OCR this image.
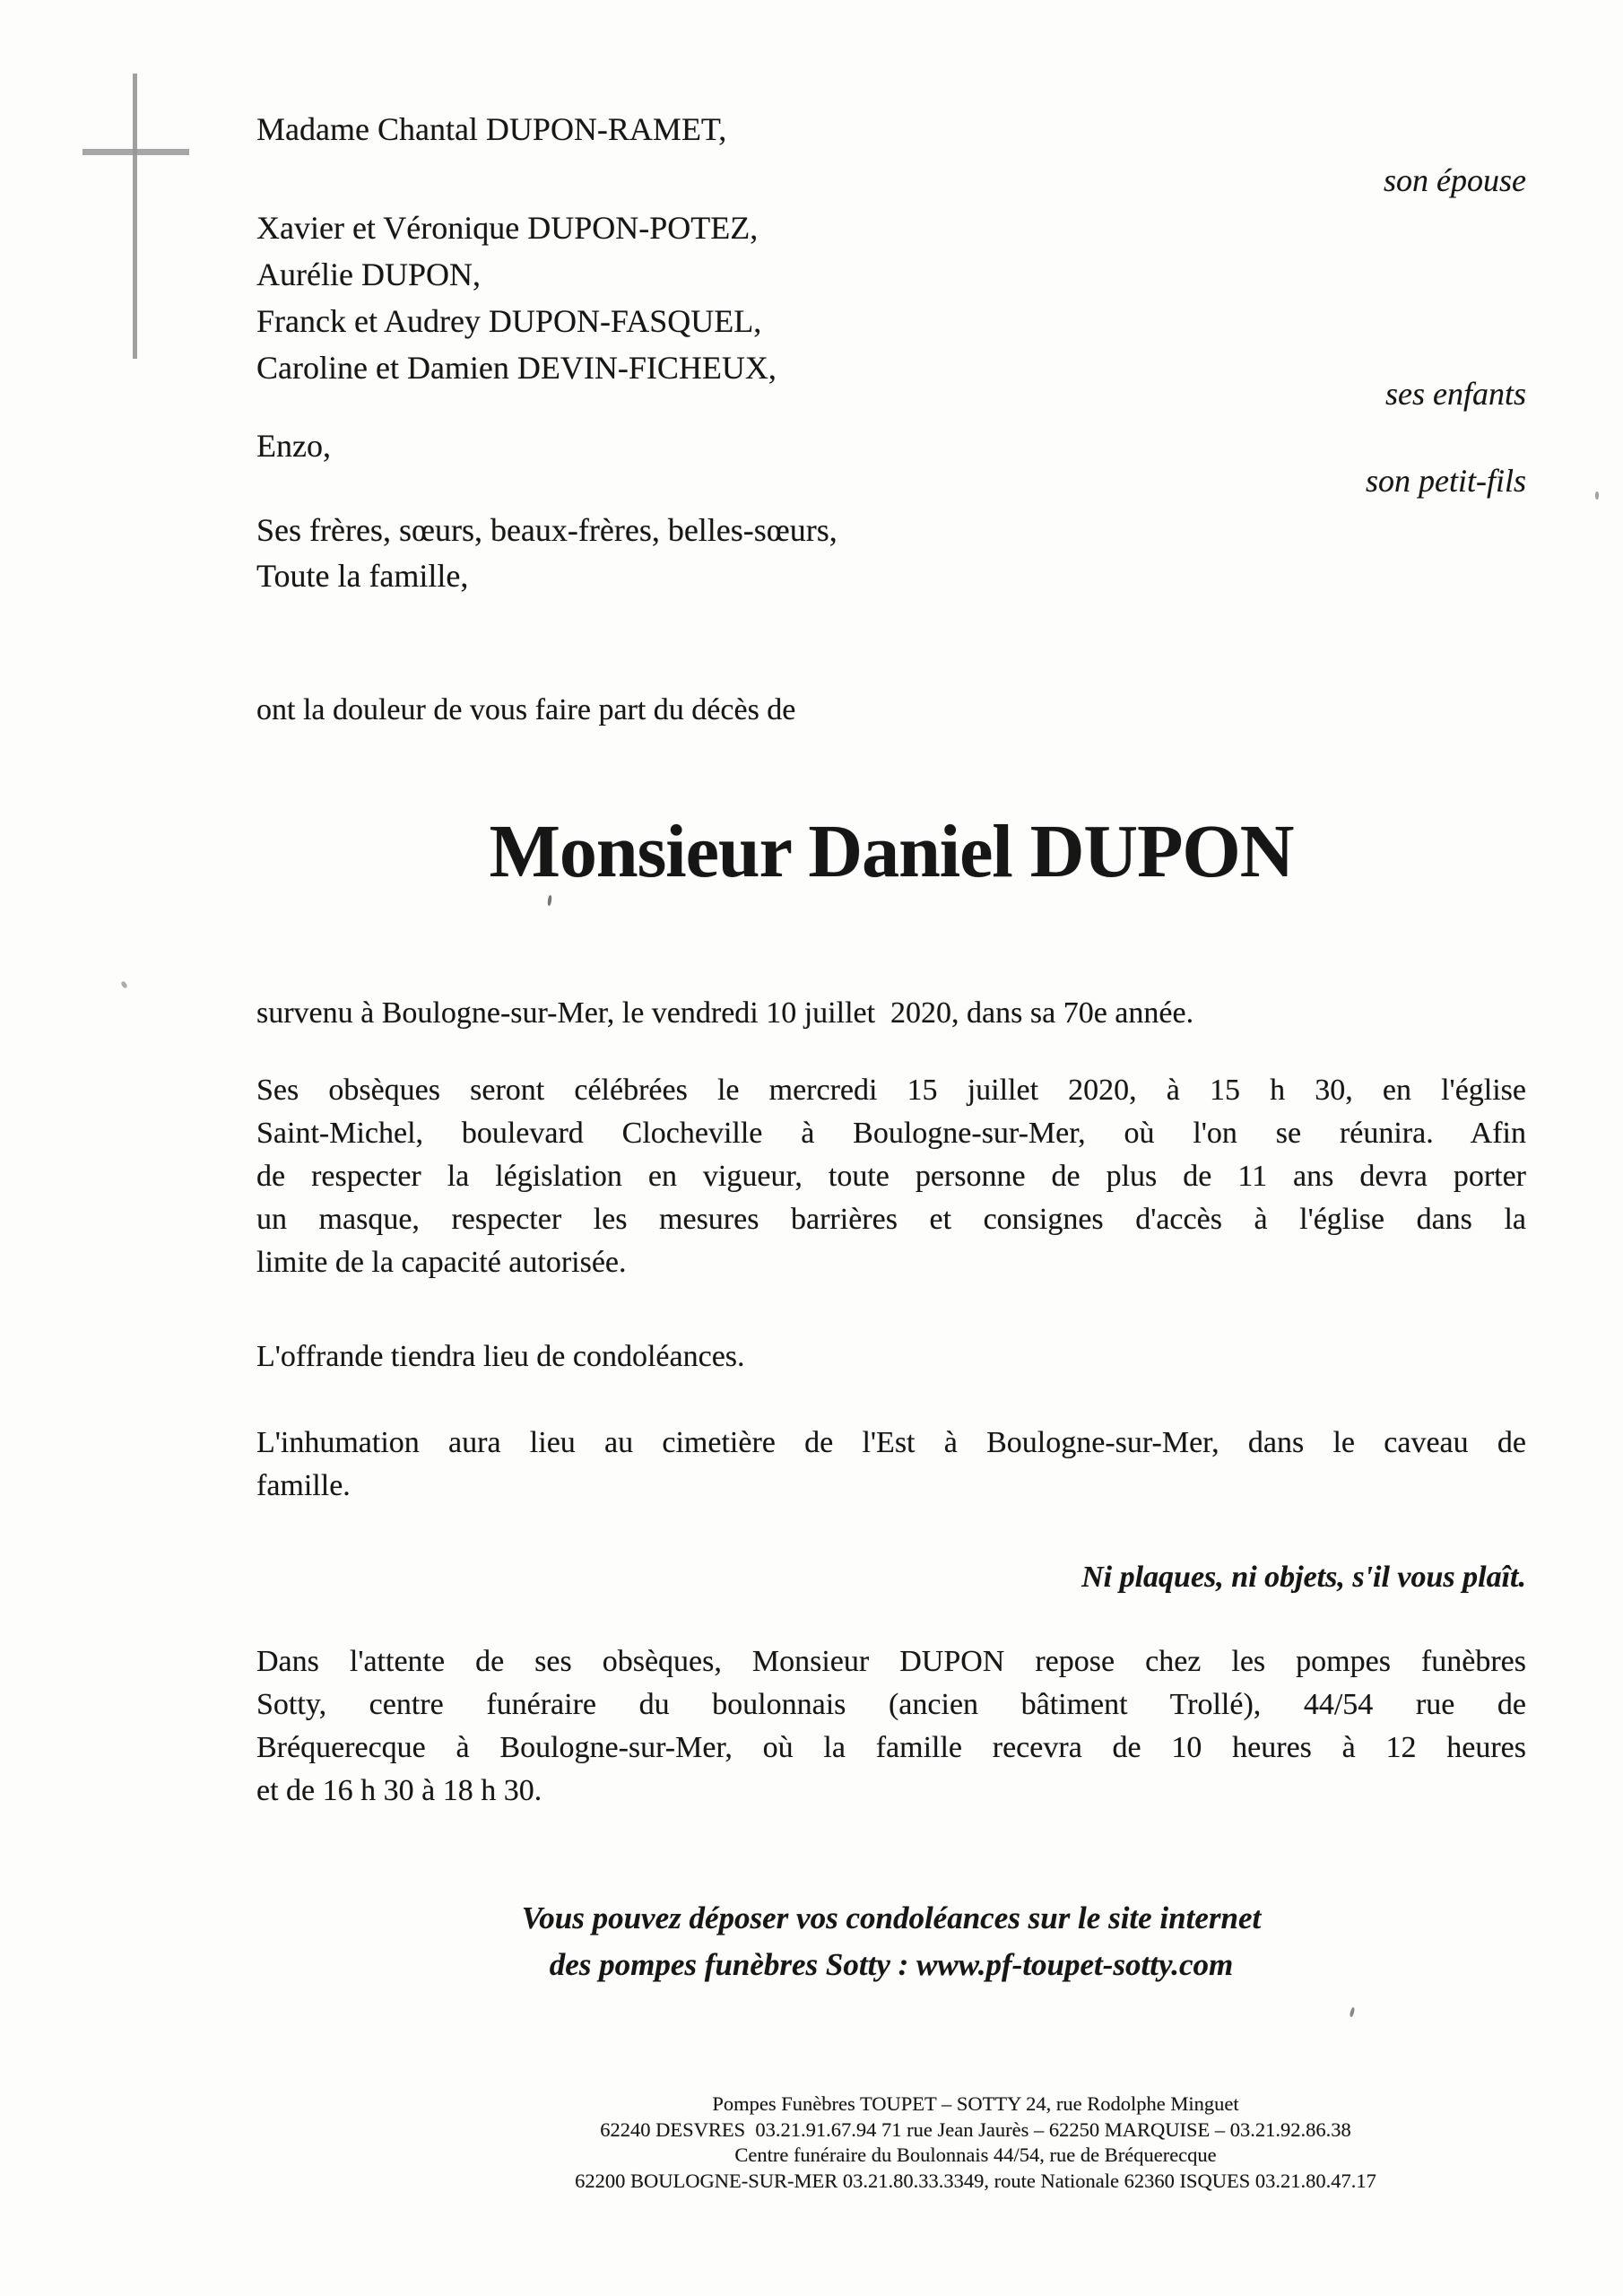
Madame Chantal DUPON-RAMET,
son épouse
Xavier et Véronique DUPON-POTEZ,
Aurélie DUPON,
Franck et Audrey DUPON-FASQUEL,
Caroline et Damien DEVIN-FICHEUX,
ses enfants
Enzo,
son petit-fils
Ses frères, sœurs, beaux-frères, belles-sœurs,
Toute la famille,
ont la douleur de vous faire part du décès de
Monsieur Daniel DUPON
survenu à Boulogne-sur-Mer, le vendredi 10 juillet  2020, dans sa 70e année.
Ses obsèques seront célébrées le mercredi 15 juillet 2020, à 15 h 30, en l'église
Saint-Michel, boulevard Clocheville à Boulogne-sur-Mer, où l'on se réunira. Afin
de respecter la législation en vigueur, toute personne de plus de 11 ans devra porter
un masque, respecter les mesures barrières et consignes d'accès à l'église dans la
limite de la capacité autorisée.
L'offrande tiendra lieu de condoléances.
L'inhumation aura lieu au cimetière de l'Est à Boulogne-sur-Mer, dans le caveau de
famille.
Ni plaques, ni objets, s'il vous plaît.
Dans l'attente de ses obsèques, Monsieur DUPON repose chez les pompes funèbres
Sotty, centre funéraire du boulonnais (ancien bâtiment Trollé), 44/54 rue de
Bréquerecque à Boulogne-sur-Mer, où la famille recevra de 10 heures à 12 heures
et de 16 h 30 à 18 h 30.
Vous pouvez déposer vos condoléances sur le site internet
des pompes funèbres Sotty : www.pf-toupet-sotty.com
Pompes Funèbres TOUPET – SOTTY 24, rue Rodolphe Minguet
62240 DESVRES  03.21.91.67.94 71 rue Jean Jaurès – 62250 MARQUISE – 03.21.92.86.38
Centre funéraire du Boulonnais 44/54, rue de Bréquerecque
62200 BOULOGNE-SUR-MER 03.21.80.33.3349, route Nationale 62360 ISQUES 03.21.80.47.17
